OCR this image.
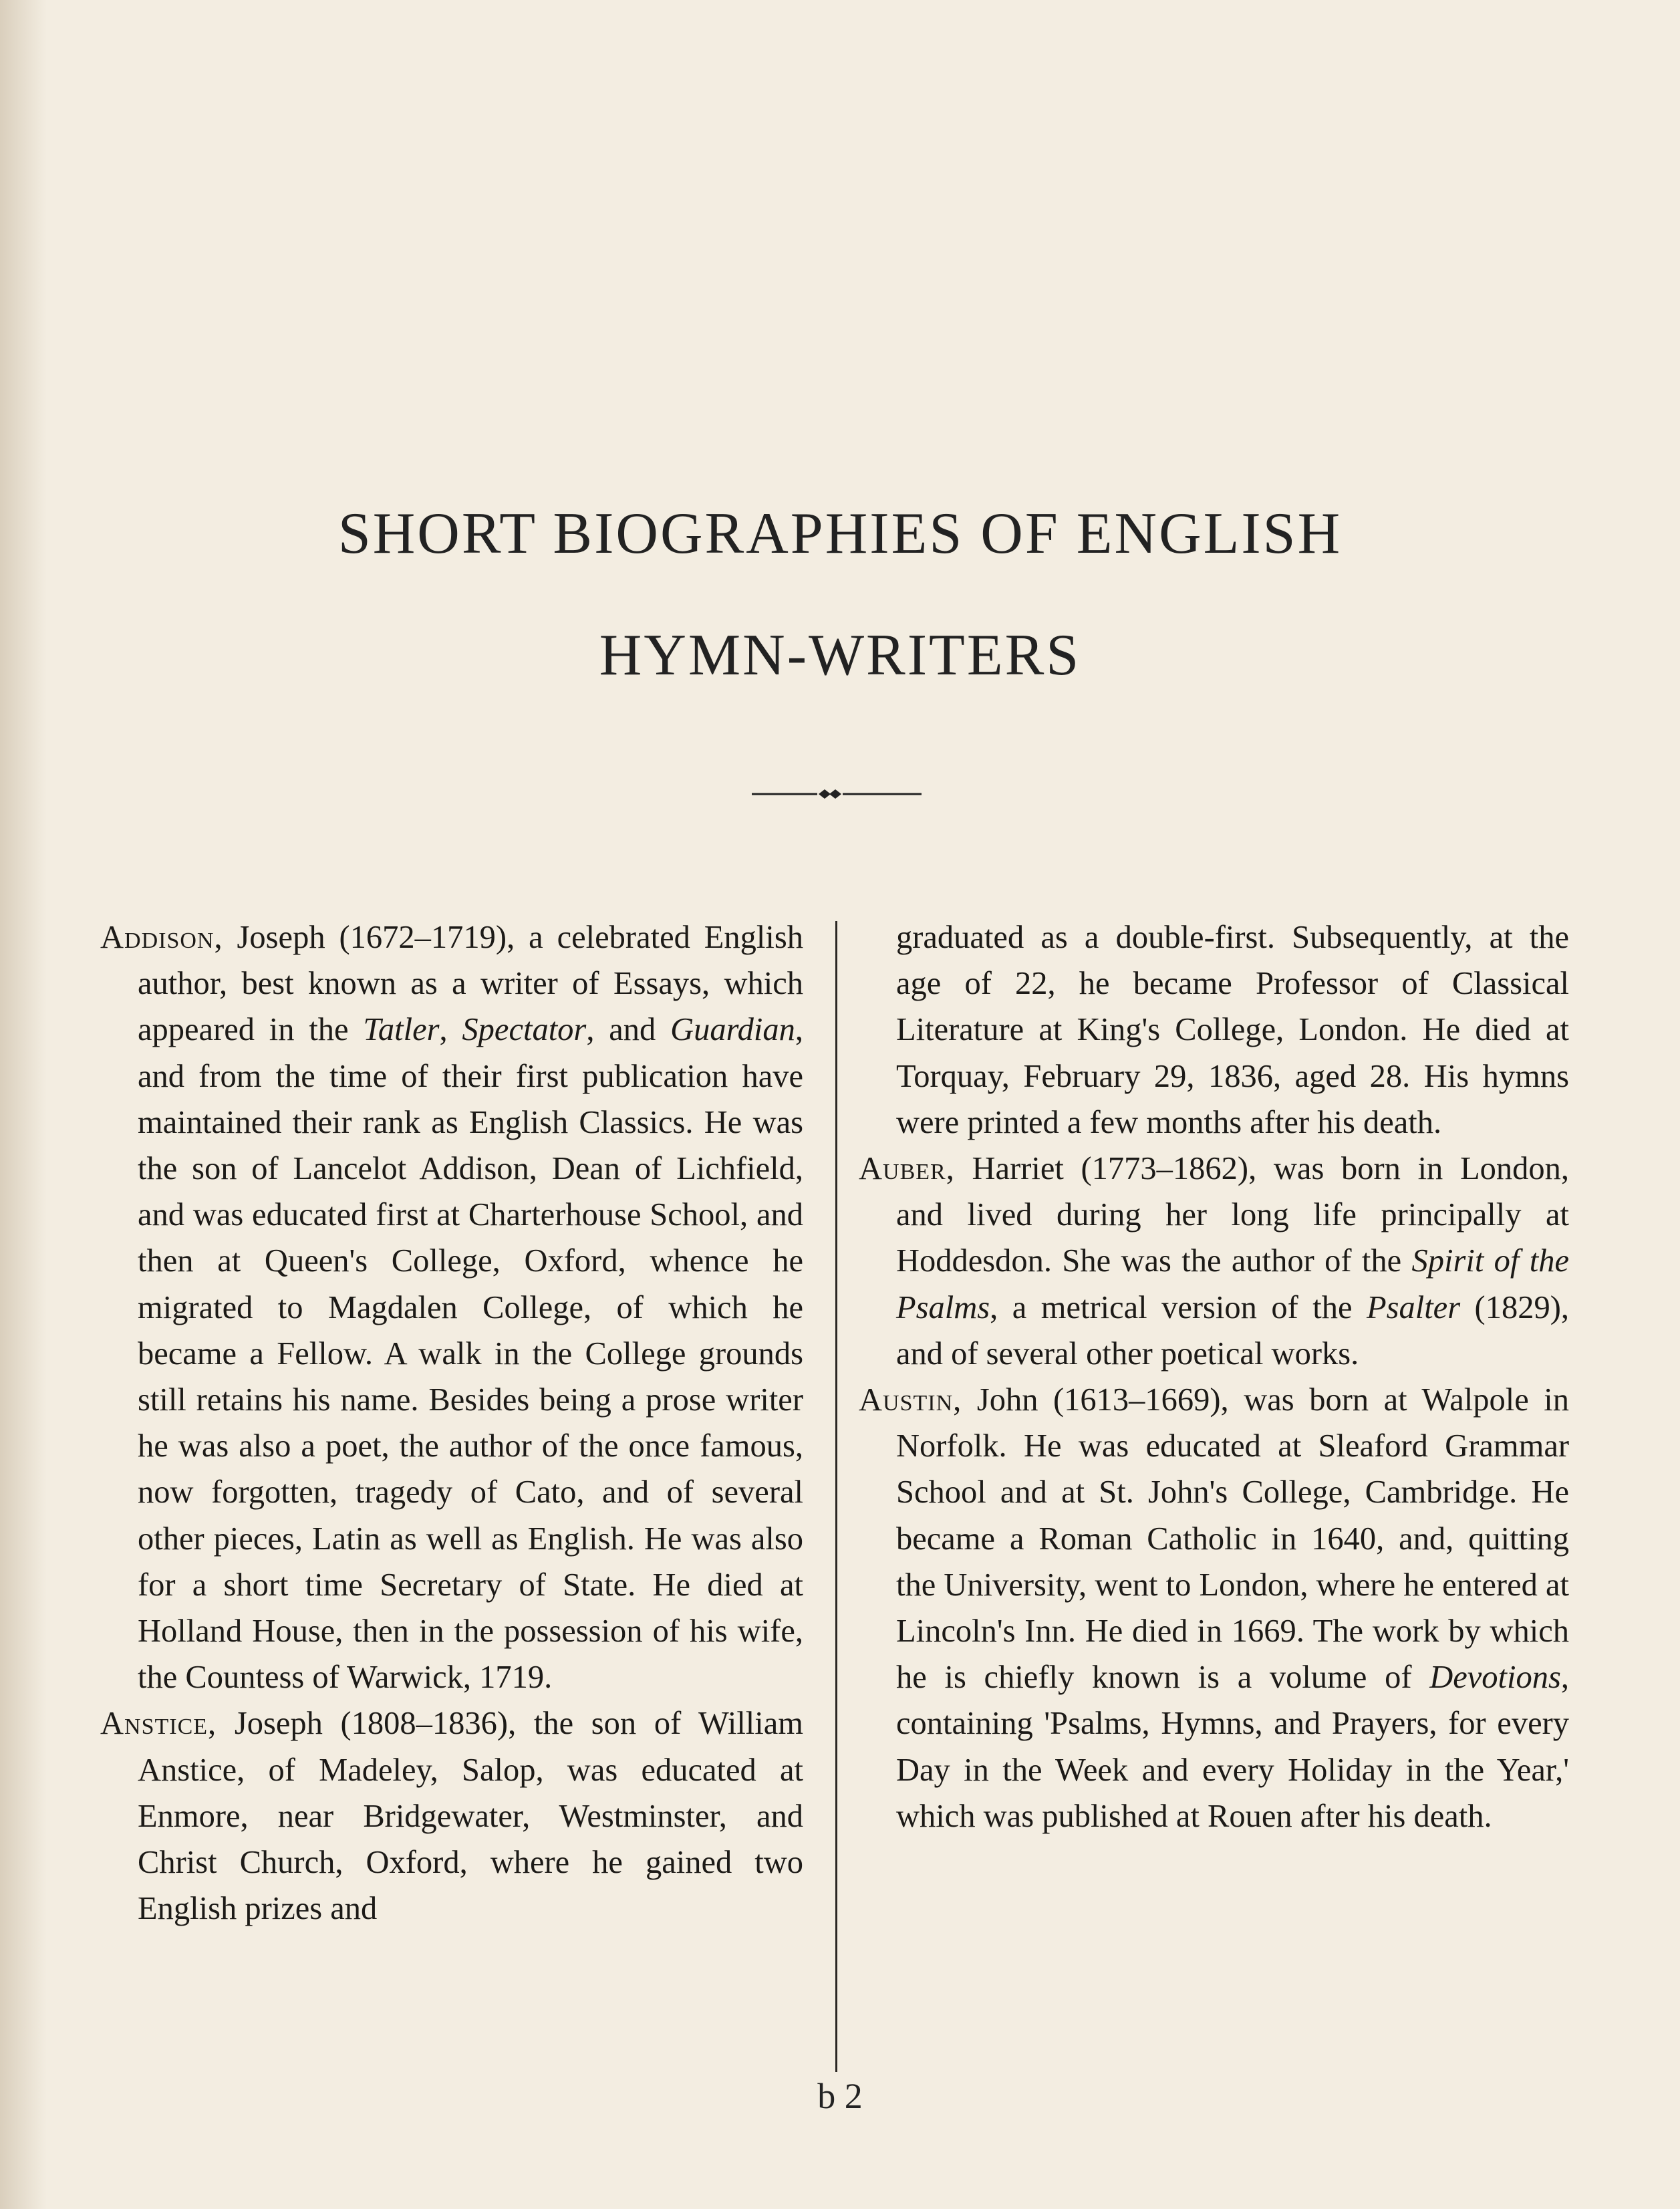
SHORT BIOGRAPHIES OF ENGLISH
HYMN-WRITERS

Addison, Joseph (1672–1719), a celebrated English author, best known as a writer of Essays, which appeared in the Tatler, Spectator, and Guardian, and from the time of their first publication have maintained their rank as English Classics. He was the son of Lancelot Addison, Dean of Lichfield, and was educated first at Charterhouse School, and then at Queen's College, Oxford, whence he migrated to Magdalen College, of which he became a Fellow. A walk in the College grounds still retains his name. Besides being a prose writer he was also a poet, the author of the once famous, now forgotten, tragedy of Cato, and of several other pieces, Latin as well as English. He was also for a short time Secretary of State. He died at Holland House, then in the possession of his wife, the Countess of Warwick, 1719.

Anstice, Joseph (1808–1836), the son of William Anstice, of Madeley, Salop, was educated at Enmore, near Bridgewater, Westminster, and Christ Church, Oxford, where he gained two English prizes and

graduated as a double-first. Subsequently, at the age of 22, he became Professor of Classical Literature at King's College, London. He died at Torquay, February 29, 1836, aged 28. His hymns were printed a few months after his death.

Auber, Harriet (1773–1862), was born in London, and lived during her long life principally at Hoddesdon. She was the author of the Spirit of the Psalms, a metrical version of the Psalter (1829), and of several other poetical works.

Austin, John (1613–1669), was born at Walpole in Norfolk. He was educated at Sleaford Grammar School and at St. John's College, Cambridge. He became a Roman Catholic in 1640, and, quitting the University, went to London, where he entered at Lincoln's Inn. He died in 1669. The work by which he is chiefly known is a volume of Devotions, containing 'Psalms, Hymns, and Prayers, for every Day in the Week and every Holiday in the Year,' which was published at Rouen after his death.

b 2
